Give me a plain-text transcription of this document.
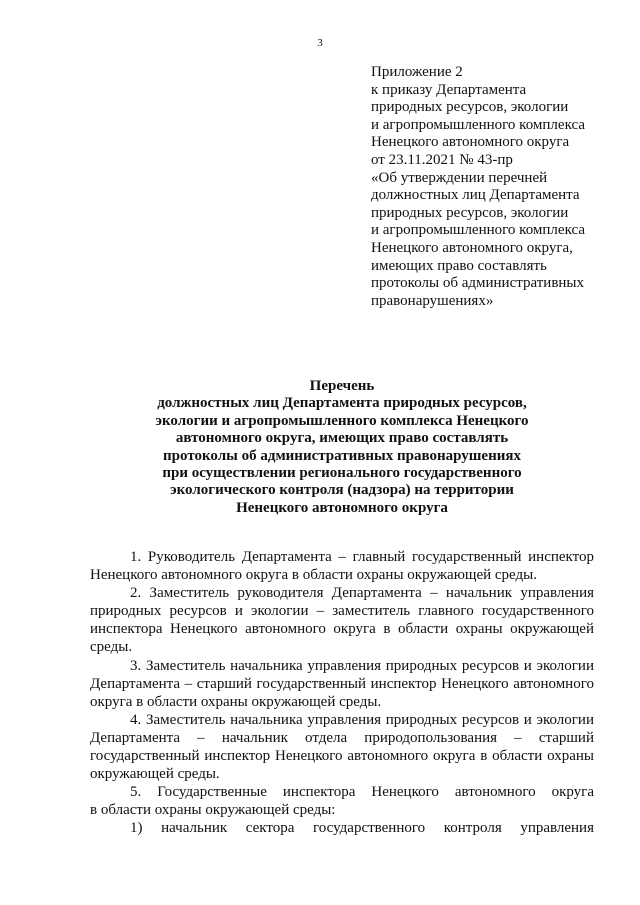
3
Приложение 2
к приказу Департамента
природных ресурсов, экологии
и агропромышленного комплекса
Ненецкого автономного округа
от 23.11.2021 № 43-пр
«Об утверждении перечней
должностных лиц Департамента
природных ресурсов, экологии
и агропромышленного комплекса
Ненецкого автономного округа,
имеющих право составлять
протоколы об административных
правонарушениях»
Перечень
должностных лиц Департамента природных ресурсов,
экологии и агропромышленного комплекса Ненецкого
автономного округа, имеющих право составлять
протоколы об административных правонарушениях
при осуществлении регионального государственного
экологического контроля (надзора) на территории
Ненецкого автономного округа
1. Руководитель Департамента – главный государственный инспектор
Ненецкого автономного округа в области охраны окружающей среды.
2. Заместитель руководителя Департамента – начальник управления
природных ресурсов и экологии – заместитель главного государственного
инспектора Ненецкого автономного округа в области охраны окружающей
среды.
3. Заместитель начальника управления природных ресурсов и экологии
Департамента – старший государственный инспектор Ненецкого автономного
округа в области охраны окружающей среды.
4. Заместитель начальника управления природных ресурсов и экологии
Департамента – начальник отдела природопользования – старший
государственный инспектор Ненецкого автономного округа в области охраны
окружающей среды.
5. Государственные инспектора Ненецкого автономного округа
в области охраны окружающей среды:
1) начальник сектора государственного контроля управления
